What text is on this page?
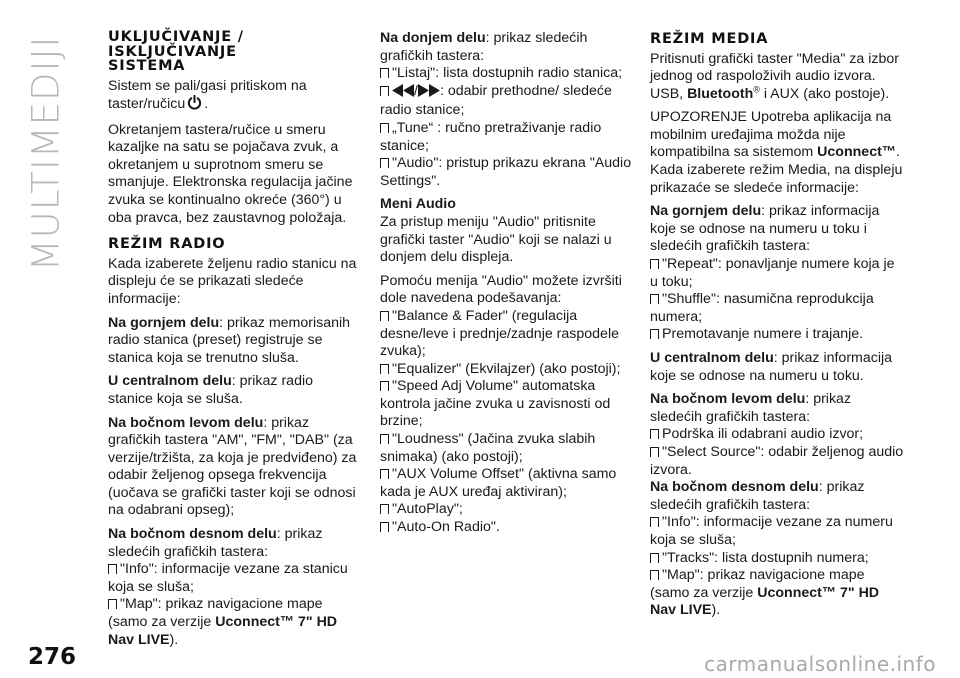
MULTIMEDIJI	UKLJUČIVANJE /
ISKLJUČIVANJE
SISTEMA

Sistem se pali/gasi pritiskom na taster/ručicu .

Okretanjem tastera/ručice u smeru kazaljke na satu se pojačava zvuk, a okretanjem u suprotnom smeru se smanjuje. Elektronska regulacija jačine zvuka se kontinualno okreće (360°) u oba pravca, bez zaustavnog položaja.

REŽIM RADIO

Kada izaberete željenu radio stanicu na displeju će se prikazati sledeće informacije:

Na gornjem delu: prikaz memorisanih radio stanica (preset) registruje se stanica koja se trenutno sluša.

U centralnom delu: prikaz radio stanice koja se sluša.

Na bočnom levom delu: prikaz grafičkih tastera "AM", "FM", "DAB" (za verzije/tržišta, za koja je predviđeno) za odabir željenog opsega frekvencija (uočava se grafički taster koji se odnosi na odabrani opseg);

Na bočnom desnom delu: prikaz sledećih grafičkih tastera:
"Info": informacije vezane za stanicu koja se sluša;
"Map": prikaz navigacione mape (samo za verzije Uconnect™ 7" HD Nav LIVE).
Na donjem delu: prikaz sledećih grafičkih tastera:
"Listaj": lista dostupnih radio stanica;
/ : odabir prethodne/ sledeće radio stanice;
„Tune“ : ručno pretraživanje radio stanice;
"Audio": pristup prikazu ekrana "Audio Settings".
Meni Audio

Za pristup meniju "Audio" pritisnite grafički taster "Audio" koji se nalazi u donjem delu displeja.

Pomoću menija "Audio" možete izvršiti dole navedena podešavanja:
"Balance & Fader" (regulacija desne/leve i prednje/zadnje raspodele zvuka);
"Equalizer" (Ekvilajzer) (ako postoji);
"Speed Adj Volume" automatska kontrola jačine zvuka u zavisnosti od brzine;
"Loudness" (Jačina zvuka slabih snimaka) (ako postoji);
"AUX Volume Offset" (aktivna samo kada je AUX uređaj aktiviran);
"AutoPlay";
"Auto-On Radio".
REŽIM MEDIA

Pritisnuti grafički taster "Media" za izbor jednog od raspoloživih audio izvora. USB, Bluetooth® i AUX (ako postoje).

UPOZORENJE Upotreba aplikacija na mobilnim uređajima možda nije kompatibilna sa sistemom Uconnect™.
Kada izaberete režim Media, na displeju prikazaće se sledeće informacije:

Na gornjem delu: prikaz informacija koje se odnose na numeru u toku i sledećih grafičkih tastera:
"Repeat": ponavljanje numere koja je u toku;
"Shuffle": nasumična reprodukcija numera;
Premotavanje numere i trajanje.

U centralnom delu: prikaz informacija koje se odnose na numeru u toku.

Na bočnom levom delu: prikaz sledećih grafičkih tastera:
Podrška ili odabrani audio izvor;
"Select Source": odabir željenog audio izvora.
Na bočnom desnom delu: prikaz sledećih grafičkih tastera:
"Info": informacije vezane za numeru koja se sluša;
"Tracks": lista dostupnih numera;
"Map": prikaz navigacione mape (samo za verzije Uconnect™ 7" HD Nav LIVE).
276	carmanualsonline.info
